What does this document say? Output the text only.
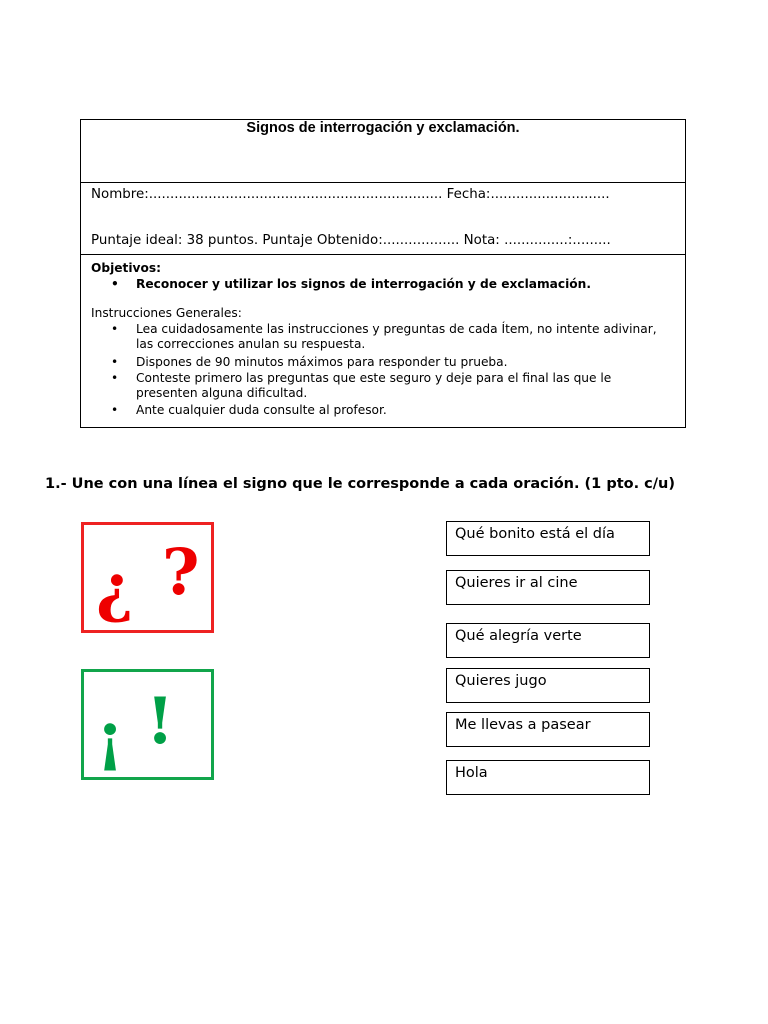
Signos de interrogación y exclamación.
Nombre:..................................................................... Fecha:............................
Puntaje ideal: 38 puntos. Puntaje Obtenido:.................. Nota: ...............:.........
Objetivos:
•	Reconocer y utilizar los signos de interrogación y de exclamación.
Instrucciones Generales:
•	Lea cuidadosamente las instrucciones y preguntas de cada Ítem, no intente adivinar, las correcciones anulan su respuesta.
•	Dispones de 90 minutos máximos para responder tu prueba.
•	Conteste primero las preguntas que este seguro y deje para el final las que le presenten alguna dificultad.
•	Ante cualquier duda consulte al profesor.
1.- Une con una línea el signo que le corresponde a cada oración. (1 pto. c/u)
¿ ?
¡ !
Qué bonito está el día
Quieres ir al cine
Qué alegría verte
Quieres jugo
Me llevas a pasear
Hola
